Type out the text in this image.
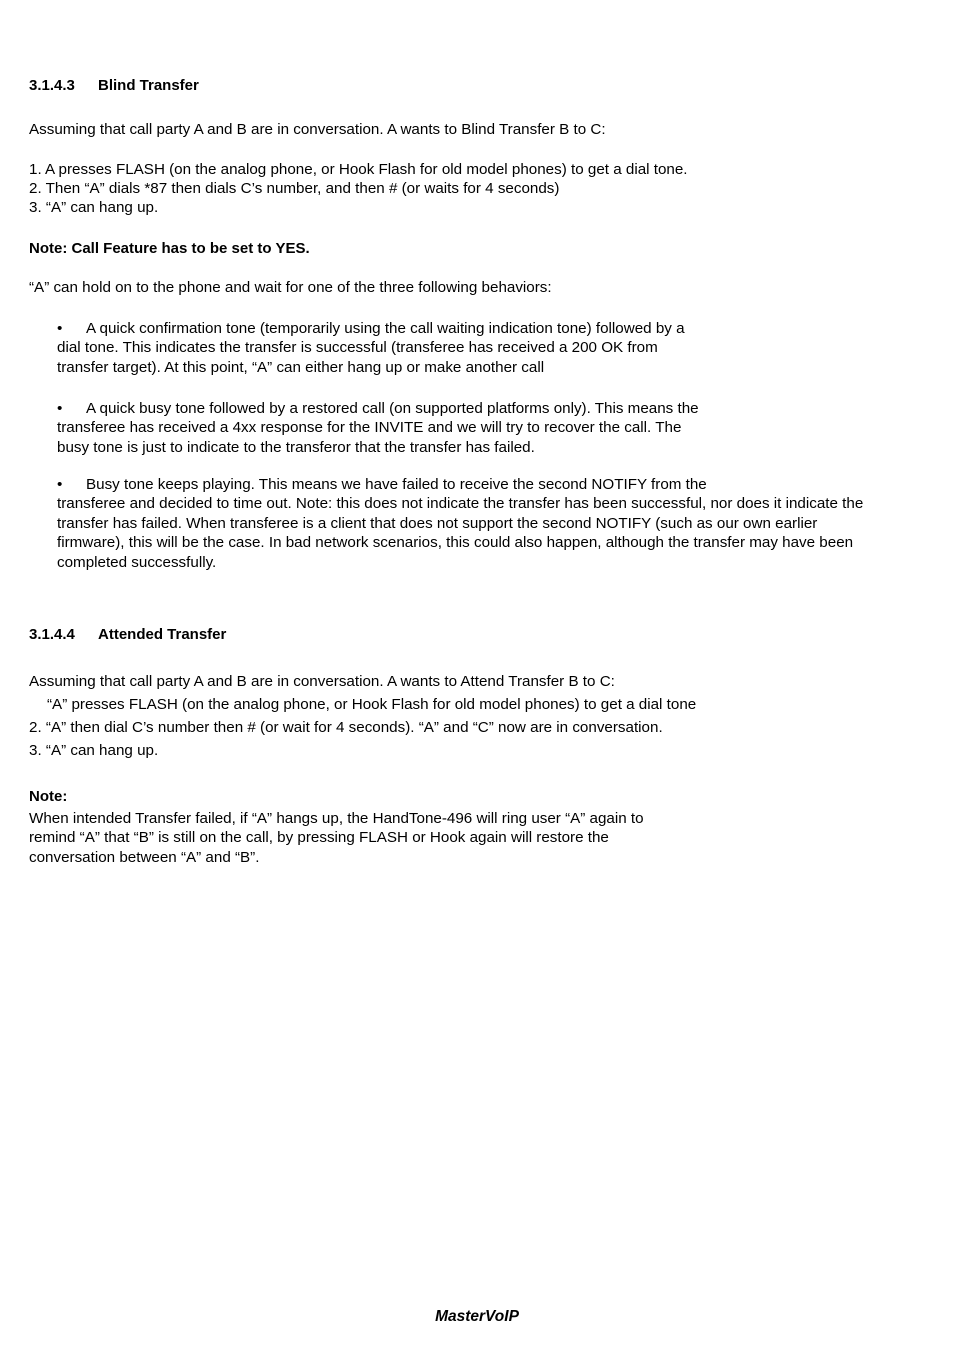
3.1.4.3 Blind Transfer
Assuming that call party A and B are in conversation. A wants to Blind Transfer B to C:
1. A presses FLASH (on the analog phone, or Hook Flash for old model phones) to get a dial tone.
2. Then “A” dials *87 then dials C’s number, and then # (or waits for 4 seconds)
3. “A” can hang up.
Note: Call Feature has to be set to YES.
“A” can hold on to the phone and wait for one of the three following behaviors:
• A quick confirmation tone (temporarily using the call waiting indication tone) followed by a
dial tone. This indicates the transfer is successful (transferee has received a 200 OK from
transfer target). At this point, “A” can either hang up or make another call
• A quick busy tone followed by a restored call (on supported platforms only). This means the
transferee has received a 4xx response for the INVITE and we will try to recover the call. The
busy tone is just to indicate to the transferor that the transfer has failed.
• Busy tone keeps playing. This means we have failed to receive the second NOTIFY from the
transferee and decided to time out. Note: this does not indicate the transfer has been successful, nor does it indicate the
transfer has failed. When transferee is a client that does not support the second NOTIFY (such as our own earlier
firmware), this will be the case. In bad network scenarios, this could also happen, although the transfer may have been
completed successfully.
3.1.4.4 Attended Transfer
Assuming that call party A and B are in conversation. A wants to Attend Transfer B to C:
“A” presses FLASH (on the analog phone, or Hook Flash for old model phones) to get a dial tone
2. “A” then dial C’s number then # (or wait for 4 seconds). “A” and “C” now are in conversation.
3. “A” can hang up.
Note:
When intended Transfer failed, if “A” hangs up, the HandTone-496 will ring user “A” again to
remind “A” that “B” is still on the call, by pressing FLASH or Hook again will restore the
conversation between “A” and “B”.
MasterVoIP
